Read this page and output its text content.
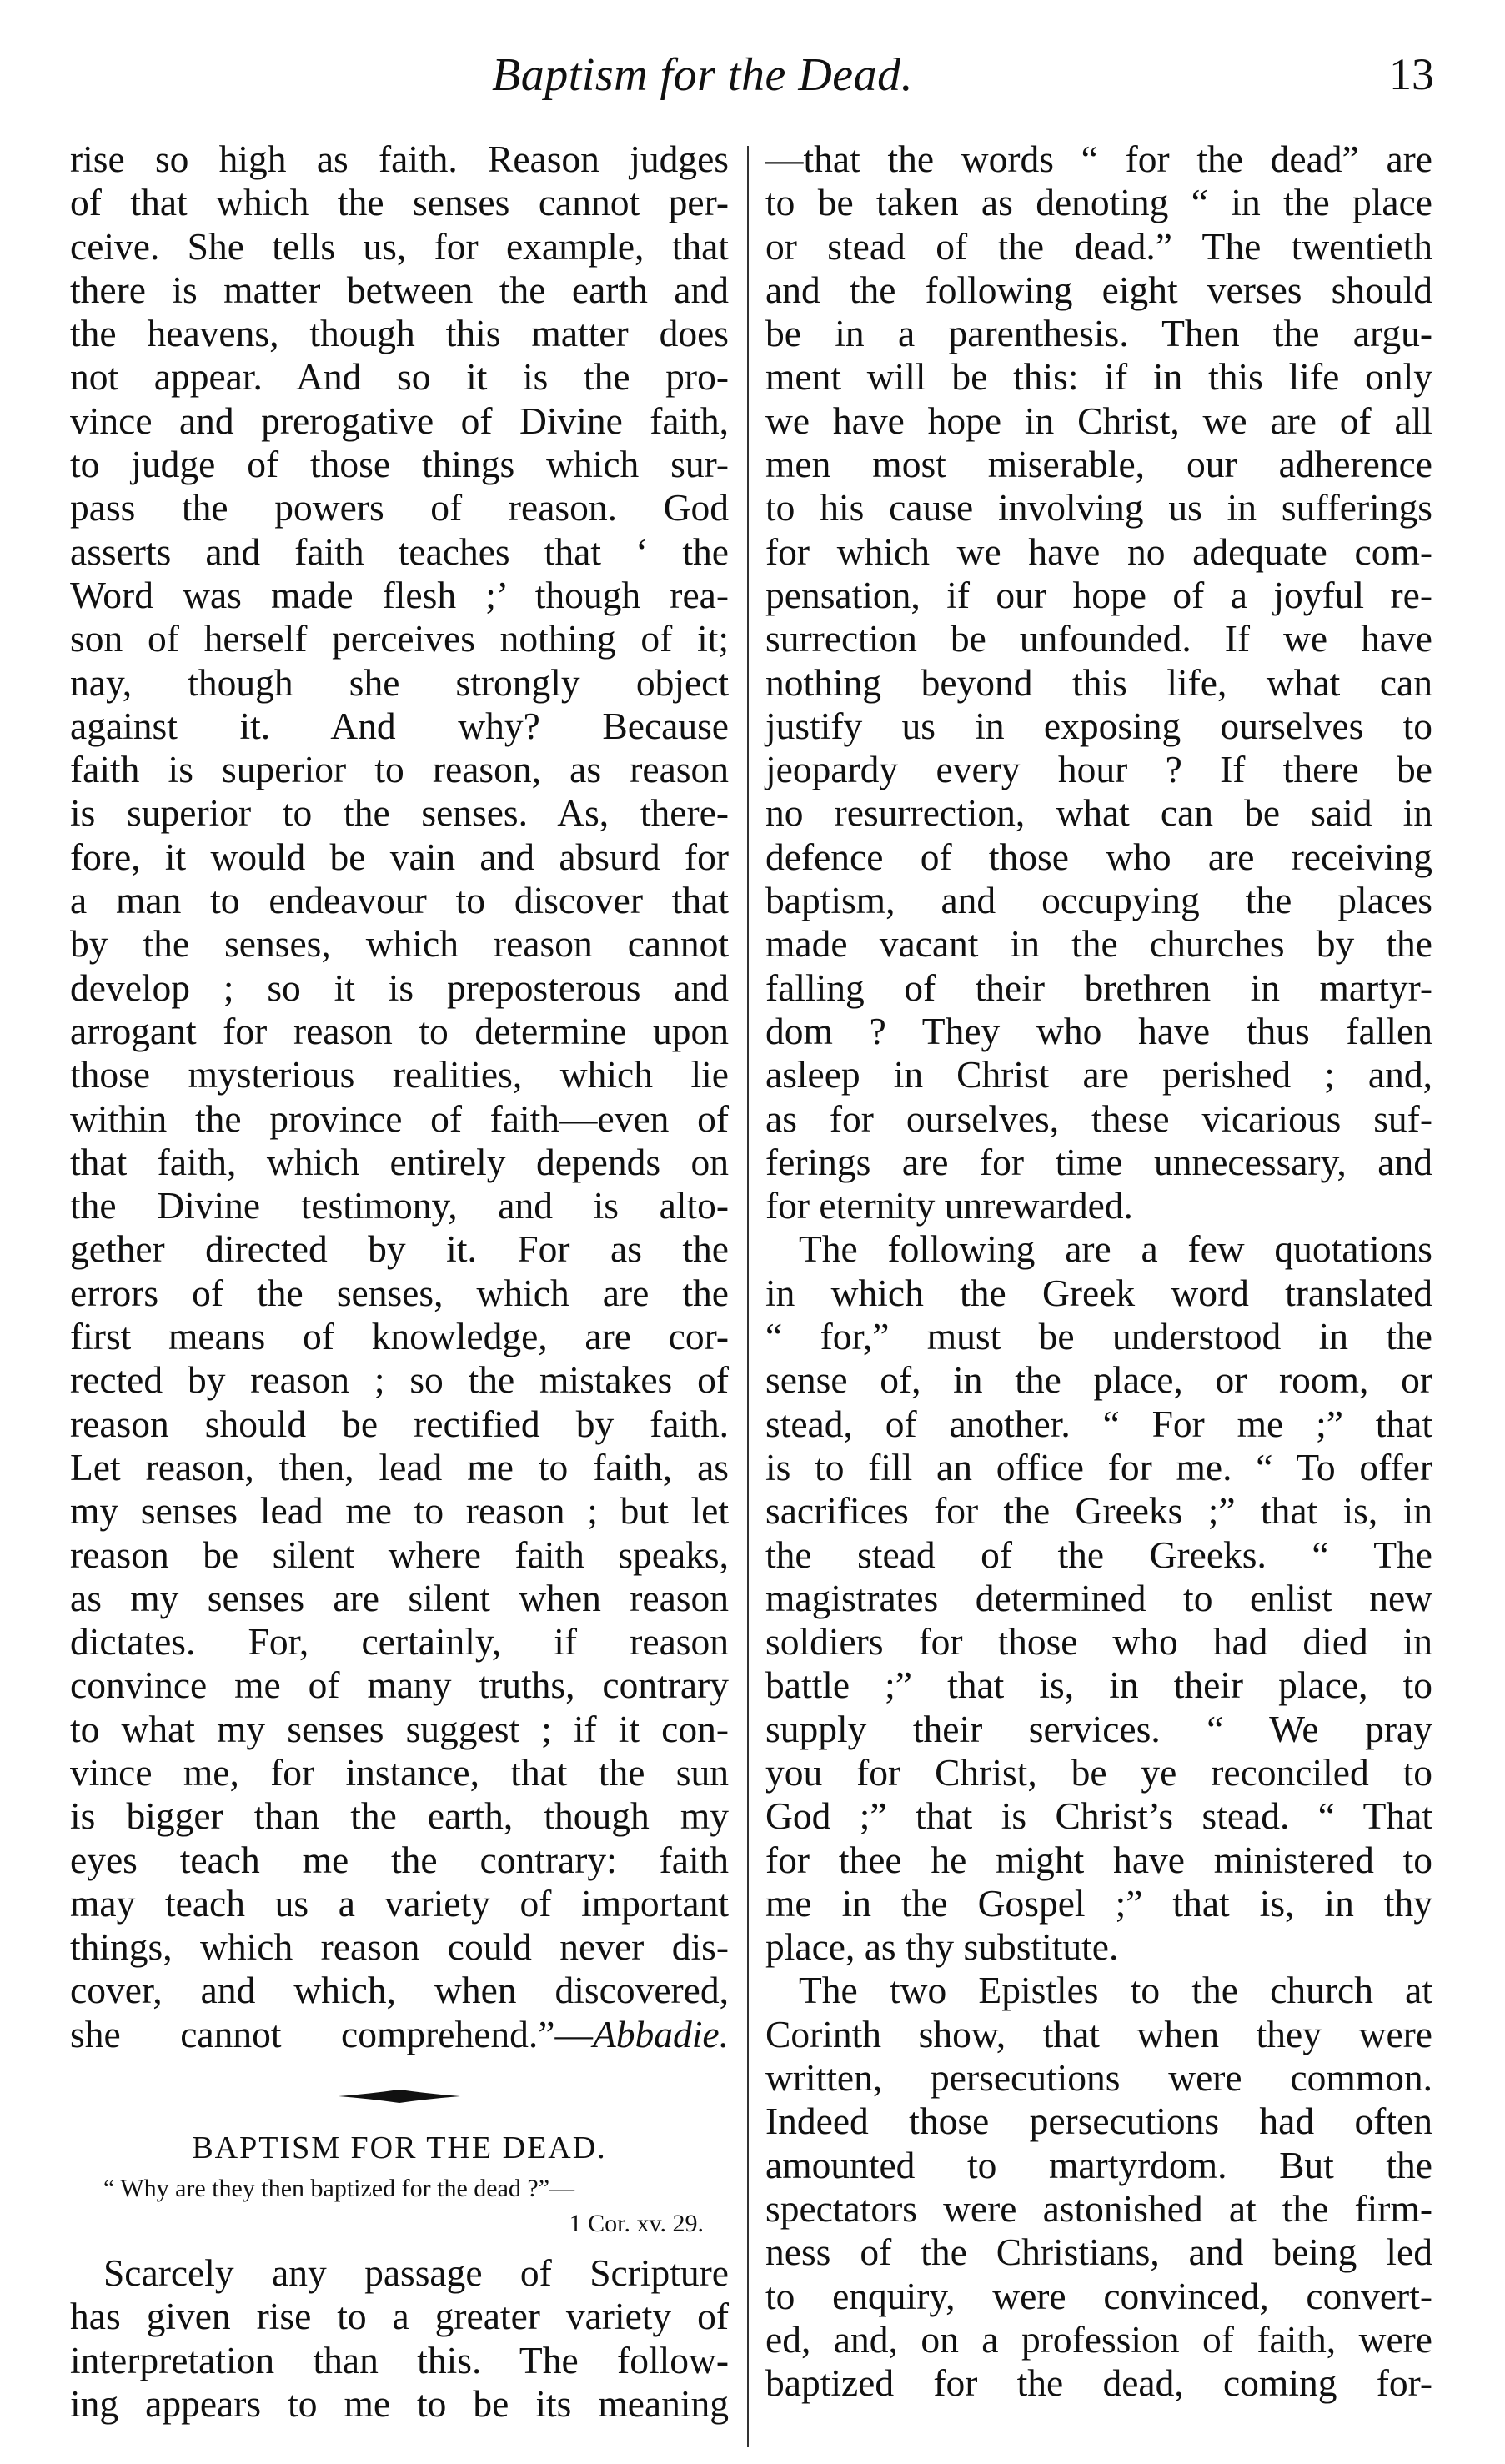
Baptism for the Dead.	13
rise so high as faith. Reason judges
of that which the senses cannot per-
ceive. She tells us, for example, that
there is matter between the earth and
the heavens, though this matter does
not appear. And so it is the pro-
vince and prerogative of Divine faith,
to judge of those things which sur-
pass the powers of reason. God
asserts and faith teaches that ‘ the
Word was made flesh ;’ though rea-
son of herself perceives nothing of it;
nay, though she strongly object
against it. And why? Because
faith is superior to reason, as reason
is superior to the senses. As, there-
fore, it would be vain and absurd for
a man to endeavour to discover that
by the senses, which reason cannot
develop ; so it is preposterous and
arrogant for reason to determine upon
those mysterious realities, which lie
within the province of faith—even of
that faith, which entirely depends on
the Divine testimony, and is alto-
gether directed by it. For as the
errors of the senses, which are the
first means of knowledge, are cor-
rected by reason ; so the mistakes of
reason should be rectified by faith.
Let reason, then, lead me to faith, as
my senses lead me to reason ; but let
reason be silent where faith speaks,
as my senses are silent when reason
dictates. For, certainly, if reason
convince me of many truths, contrary
to what my senses suggest ; if it con-
vince me, for instance, that the sun
is bigger than the earth, though my
eyes teach me the contrary: faith
may teach us a variety of important
things, which reason could never dis-
cover, and which, when discovered,
she cannot comprehend.”—Abbadie.
BAPTISM FOR THE DEAD.
“ Why are they then baptized for the dead ?”—
1 Cor. xv. 29.
Scarcely any passage of Scripture
has given rise to a greater variety of
interpretation than this. The follow-
ing appears to me to be its meaning
—that the words “ for the dead” are
to be taken as denoting “ in the place
or stead of the dead.” The twentieth
and the following eight verses should
be in a parenthesis. Then the argu-
ment will be this: if in this life only
we have hope in Christ, we are of all
men most miserable, our adherence
to his cause involving us in sufferings
for which we have no adequate com-
pensation, if our hope of a joyful re-
surrection be unfounded. If we have
nothing beyond this life, what can
justify us in exposing ourselves to
jeopardy every hour ? If there be
no resurrection, what can be said in
defence of those who are receiving
baptism, and occupying the places
made vacant in the churches by the
falling of their brethren in martyr-
dom ? They who have thus fallen
asleep in Christ are perished ; and,
as for ourselves, these vicarious suf-
ferings are for time unnecessary, and
for eternity unrewarded.
The following are a few quotations
in which the Greek word translated
“ for,” must be understood in the
sense of, in the place, or room, or
stead, of another. “ For me ;” that
is to fill an office for me. “ To offer
sacrifices for the Greeks ;” that is, in
the stead of the Greeks. “ The
magistrates determined to enlist new
soldiers for those who had died in
battle ;” that is, in their place, to
supply their services. “ We pray
you for Christ, be ye reconciled to
God ;” that is Christ’s stead. “ That
for thee he might have ministered to
me in the Gospel ;” that is, in thy
place, as thy substitute.
The two Epistles to the church at
Corinth show, that when they were
written, persecutions were common.
Indeed those persecutions had often
amounted to martyrdom. But the
spectators were astonished at the firm-
ness of the Christians, and being led
to enquiry, were convinced, convert-
ed, and, on a profession of faith, were
baptized for the dead, coming for-
